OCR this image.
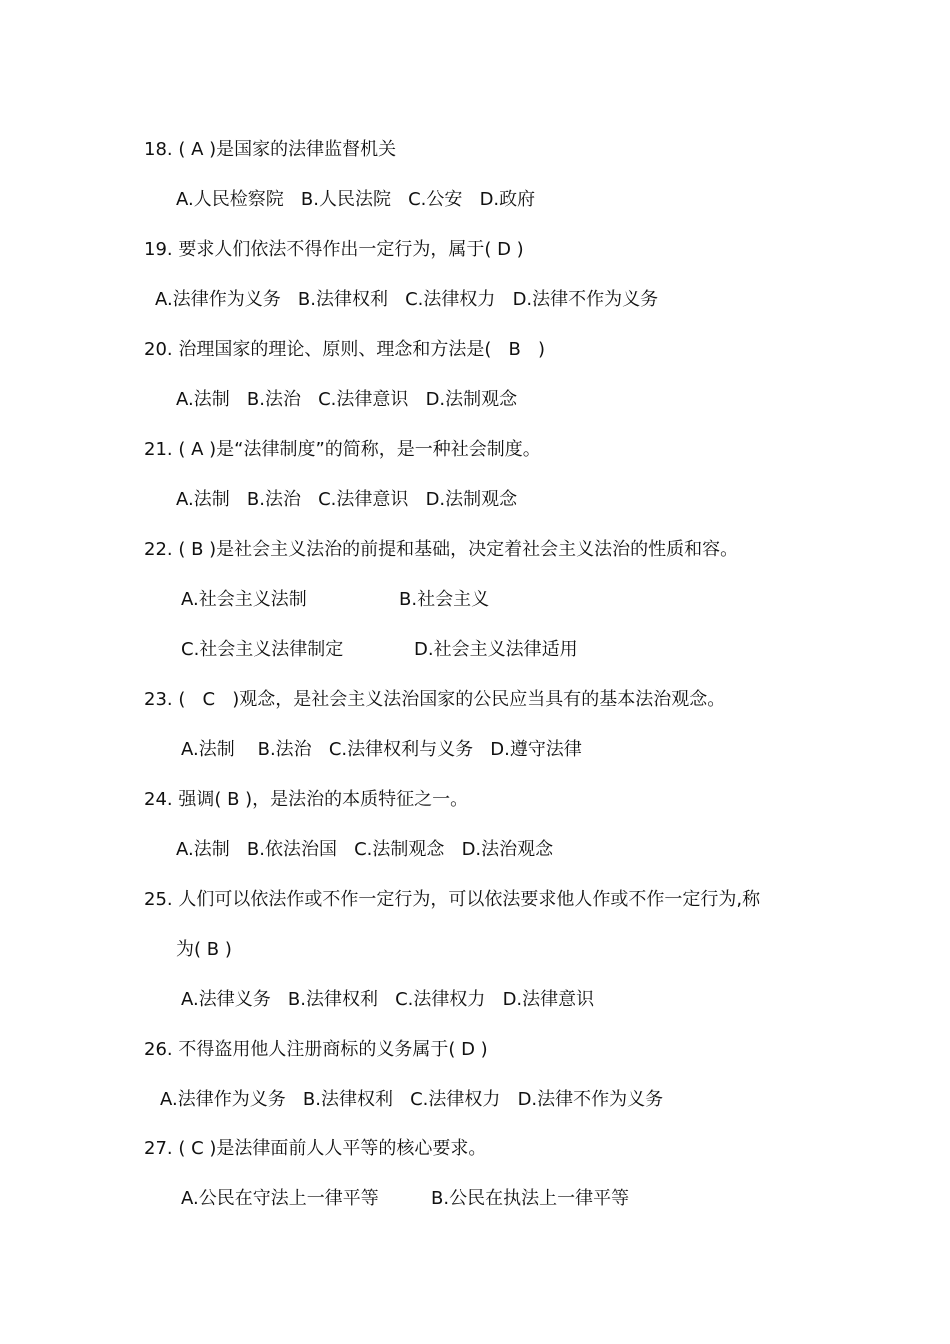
18. ( A )是国家的法律监督机关
A.人民检察院   B.人民法院   C.公安   D.政府
19. 要求人们依法不得作出一定行为，属于( D )
A.法律作为义务   B.法律权利   C.法律权力   D.法律不作为义务
20. 治理国家的理论、原则、理念和方法是(   B   )
A.法制   B.法治   C.法律意识   D.法制观念
21. ( A )是“法律制度”的简称，是一种社会制度。
A.法制   B.法治   C.法律意识   D.法制观念
22. ( B )是社会主义法治的前提和基础，决定着社会主义法治的性质和容。
A.社会主义法制	B.社会主义
C.社会主义法律制定	D.社会主义法律适用
23. (   C   )观念，是社会主义法治国家的公民应当具有的基本法治观念。
A.法制    B.法治   C.法律权利与义务   D.遵守法律
24. 强调( B )，是法治的本质特征之一。
A.法制   B.依法治国   C.法制观念   D.法治观念
25. 人们可以依法作或不作一定行为，可以依法要求他人作或不作一定行为,称
为( B )
A.法律义务   B.法律权利   C.法律权力   D.法律意识
26. 不得盗用他人注册商标的义务属于( D )
A.法律作为义务   B.法律权利   C.法律权力   D.法律不作为义务
27. ( C )是法律面前人人平等的核心要求。
A.公民在守法上一律平等	B.公民在执法上一律平等
